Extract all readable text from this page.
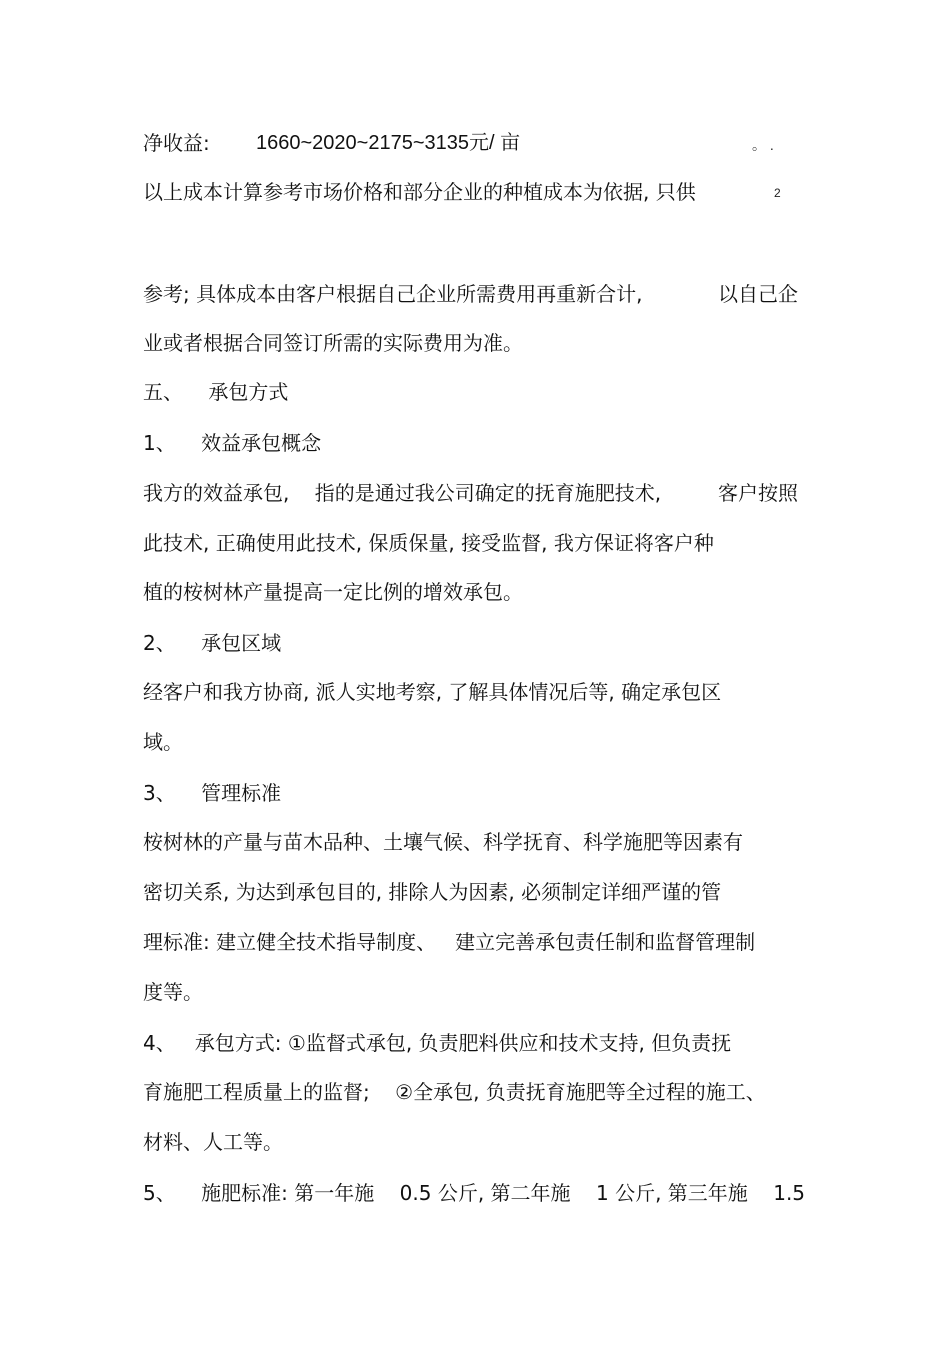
净收益: 1660~2020~2175~3135元/ 亩	。 .
以上成本计算参考市场价格和部分企业的种植成本为依据, 只供	2
参考; 具体成本由客户根据自己企业所需费用再重新合计,	以自己企
业或者根据合同签订所需的实际费用为准。
五、    承包方式
1、    效益承包概念
我方的效益承包,    指的是通过我公司确定的抚育施肥技术,	客户按照
此技术, 正确使用此技术, 保质保量, 接受监督, 我方保证将客户种
植的桉树林产量提高一定比例的增效承包。
2、    承包区域
经客户和我方协商, 派人实地考察, 了解具体情况后等, 确定承包区
域。
3、    管理标准
桉树林的产量与苗木品种、土壤气候、科学抚育、科学施肥等因素有
密切关系, 为达到承包目的, 排除人为因素, 必须制定详细严谨的管
理标准: 建立健全技术指导制度、   建立完善承包责任制和监督管理制
度等。
4、   承包方式: ①监督式承包, 负责肥料供应和技术支持, 但负责抚
育施肥工程质量上的监督;    ②全承包, 负责抚育施肥等全过程的施工、
材料、人工等。
5、    施肥标准: 第一年施    0.5 公斤, 第二年施    1 公斤, 第三年施    1.5
